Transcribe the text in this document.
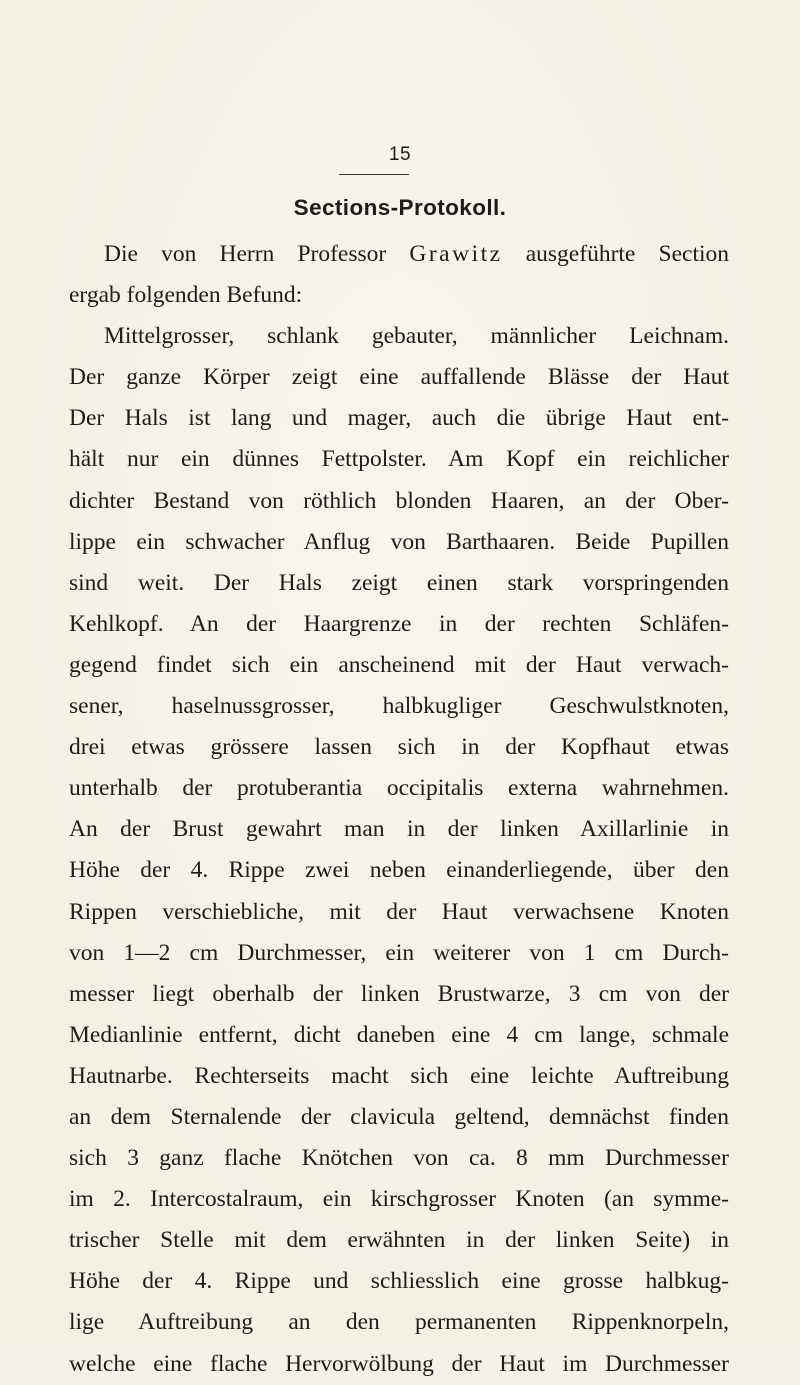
15
Sections-Protokoll.
Die von Herrn Professor Grawitz ausgeführte Section
ergab folgenden Befund:
Mittelgrosser, schlank gebauter, männlicher Leichnam.
Der ganze Körper zeigt eine auffallende Blässe der Haut
Der Hals ist lang und mager, auch die übrige Haut ent-
hält nur ein dünnes Fettpolster. Am Kopf ein reichlicher
dichter Bestand von röthlich blonden Haaren, an der Ober-
lippe ein schwacher Anflug von Barthaaren. Beide Pupillen
sind weit. Der Hals zeigt einen stark vorspringenden
Kehlkopf. An der Haargrenze in der rechten Schläfen-
gegend findet sich ein anscheinend mit der Haut verwach-
sener, haselnussgrosser, halbkugliger Geschwulstknoten,
drei etwas grössere lassen sich in der Kopfhaut etwas
unterhalb der protuberantia occipitalis externa wahrnehmen.
An der Brust gewahrt man in der linken Axillarlinie in
Höhe der 4. Rippe zwei neben einanderliegende, über den
Rippen verschiebliche, mit der Haut verwachsene Knoten
von 1—2 cm Durchmesser, ein weiterer von 1 cm Durch-
messer liegt oberhalb der linken Brustwarze, 3 cm von der
Medianlinie entfernt, dicht daneben eine 4 cm lange, schmale
Hautnarbe. Rechterseits macht sich eine leichte Auftreibung
an dem Sternalende der clavicula geltend, demnächst finden
sich 3 ganz flache Knötchen von ca. 8 mm Durchmesser
im 2. Intercostalraum, ein kirschgrosser Knoten (an symme-
trischer Stelle mit dem erwähnten in der linken Seite) in
Höhe der 4. Rippe und schliesslich eine grosse halbkug-
lige Auftreibung an den permanenten Rippenknorpeln,
welche eine flache Hervorwölbung der Haut im Durchmesser
